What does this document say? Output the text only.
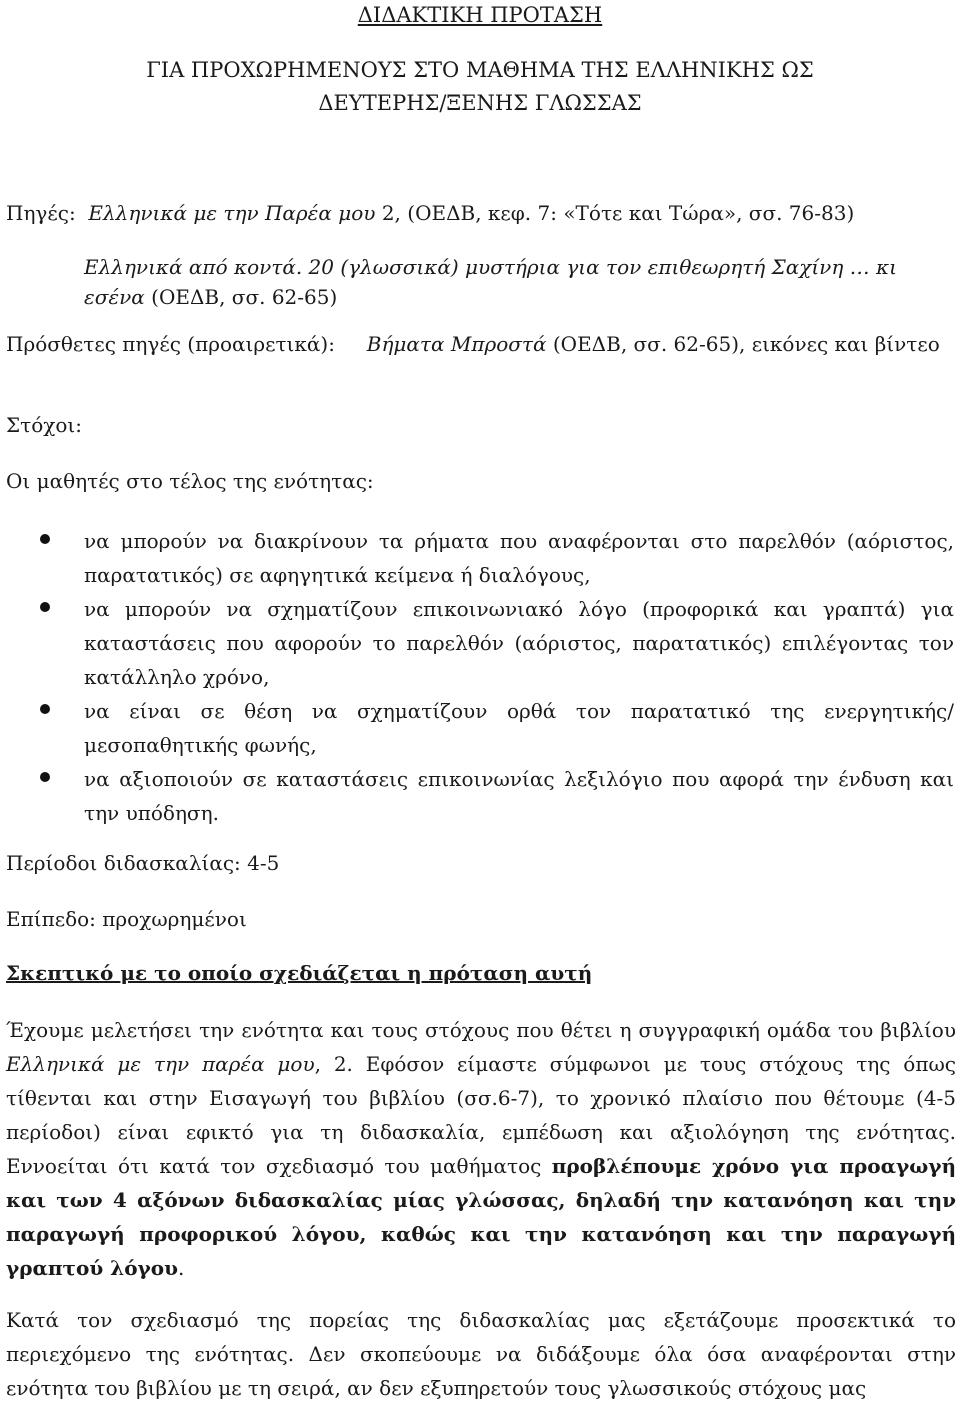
ΔΙΔΑΚΤΙΚΗ ΠΡΟΤΑΣΗ
ΓΙΑ ΠΡΟΧΩΡΗΜΕΝΟΥΣ ΣΤΟ ΜΑΘΗΜΑ ΤΗΣ ΕΛΛΗΝΙΚΗΣ ΩΣ
ΔΕΥΤΕΡΗΣ/ΞΕΝΗΣ ΓΛΩΣΣΑΣ
Πηγές: Ελληνικά με την Παρέα μου 2, (ΟΕΔΒ, κεφ. 7: «Τότε και Τώρα», σσ. 76-83)
Ελληνικά από κοντά. 20 (γλωσσικά) μυστήρια για τον επιθεωρητή Σαχίνη … κι εσένα (ΟΕΔΒ, σσ. 62-65)
Πρόσθετες πηγές (προαιρετικά): Βήματα Μπροστά (ΟΕΔΒ, σσ. 62-65), εικόνες και βίντεο
Στόχοι:
Οι μαθητές στο τέλος της ενότητας:
να μπορούν να διακρίνουν τα ρήματα που αναφέρονται στο παρελθόν (αόριστος, παρατατικός) σε αφηγητικά κείμενα ή διαλόγους,
να μπορούν να σχηματίζουν επικοινωνιακό λόγο (προφορικά και γραπτά) για καταστάσεις που αφορούν το παρελθόν (αόριστος, παρατατικός) επιλέγοντας τον κατάλληλο χρόνο,
να είναι σε θέση να σχηματίζουν ορθά τον παρατατικό της ενεργητικής/ μεσοπαθητικής φωνής,
να αξιοποιούν σε καταστάσεις επικοινωνίας λεξιλόγιο που αφορά την ένδυση και την υπόδηση.
Περίοδοι διδασκαλίας: 4-5
Επίπεδο: προχωρημένοι
Σκεπτικό με το οποίο σχεδιάζεται η πρόταση αυτή
Έχουμε μελετήσει την ενότητα και τους στόχους που θέτει η συγγραφική ομάδα του βιβλίου Ελληνικά με την παρέα μου, 2. Εφόσον είμαστε σύμφωνοι με τους στόχους της όπως τίθενται και στην Εισαγωγή του βιβλίου (σσ.6-7), το χρονικό πλαίσιο που θέτουμε (4-5 περίοδοι) είναι εφικτό για τη διδασκαλία, εμπέδωση και αξιολόγηση της ενότητας. Εννοείται ότι κατά τον σχεδιασμό του μαθήματος προβλέπουμε χρόνο για προαγωγή και των 4 αξόνων διδασκαλίας μίας γλώσσας, δηλαδή την κατανόηση και την παραγωγή προφορικού λόγου, καθώς και την κατανόηση και την παραγωγή γραπτού λόγου.
Κατά τον σχεδιασμό της πορείας της διδασκαλίας μας εξετάζουμε προσεκτικά το περιεχόμενο της ενότητας. Δεν σκοπεύουμε να διδάξουμε όλα όσα αναφέρονται στην ενότητα του βιβλίου με τη σειρά, αν δεν εξυπηρετούν τους γλωσσικούς στόχους μας
